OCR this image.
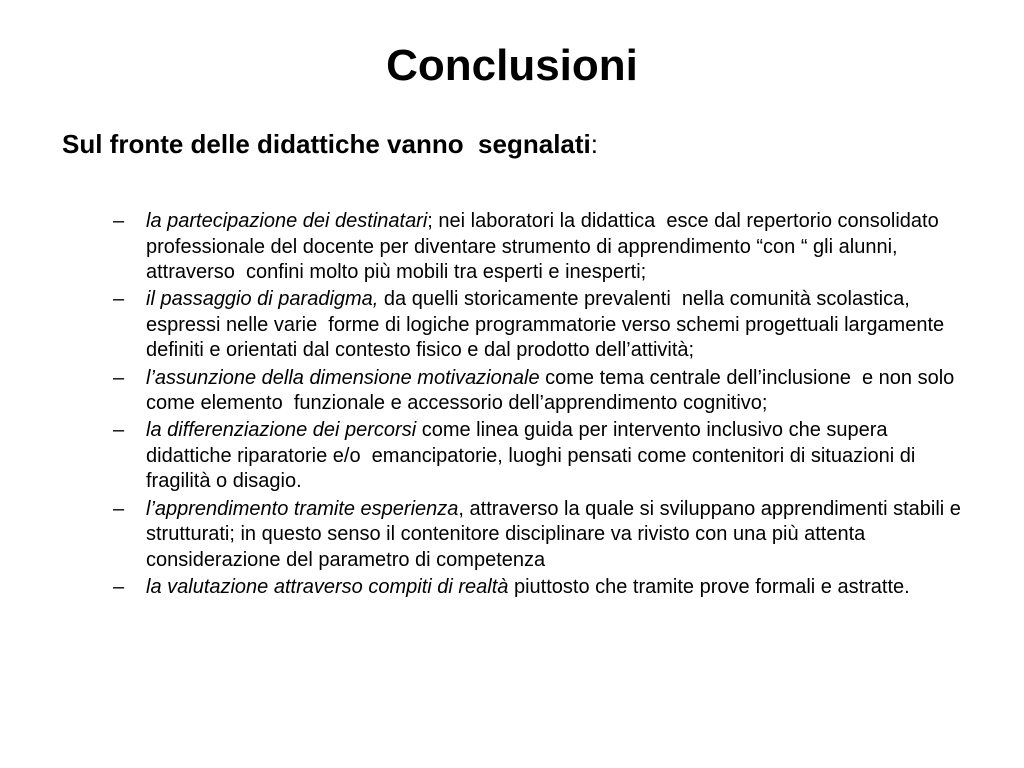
Conclusioni

Sul fronte delle didattiche vanno  segnalati:

– la partecipazione dei destinatari; nei laboratori la didattica  esce dal repertorio consolidato professionale del docente per diventare strumento di apprendimento “con “ gli alunni, attraverso  confini molto più mobili tra esperti e inesperti;
– il passaggio di paradigma, da quelli storicamente prevalenti  nella comunità scolastica, espressi nelle varie  forme di logiche programmatorie verso schemi progettuali largamente definiti e orientati dal contesto fisico e dal prodotto dell’attività;
– l’assunzione della dimensione motivazionale come tema centrale dell’inclusione  e non solo come elemento  funzionale e accessorio dell’apprendimento cognitivo;
– la differenziazione dei percorsi come linea guida per intervento inclusivo che supera didattiche riparatorie e/o  emancipatorie, luoghi pensati come contenitori di situazioni di fragilità o disagio.
– l’apprendimento tramite esperienza, attraverso la quale si sviluppano apprendimenti stabili e strutturati; in questo senso il contenitore disciplinare va rivisto con una più attenta considerazione del parametro di competenza
– la valutazione attraverso compiti di realtà piuttosto che tramite prove formali e astratte.
